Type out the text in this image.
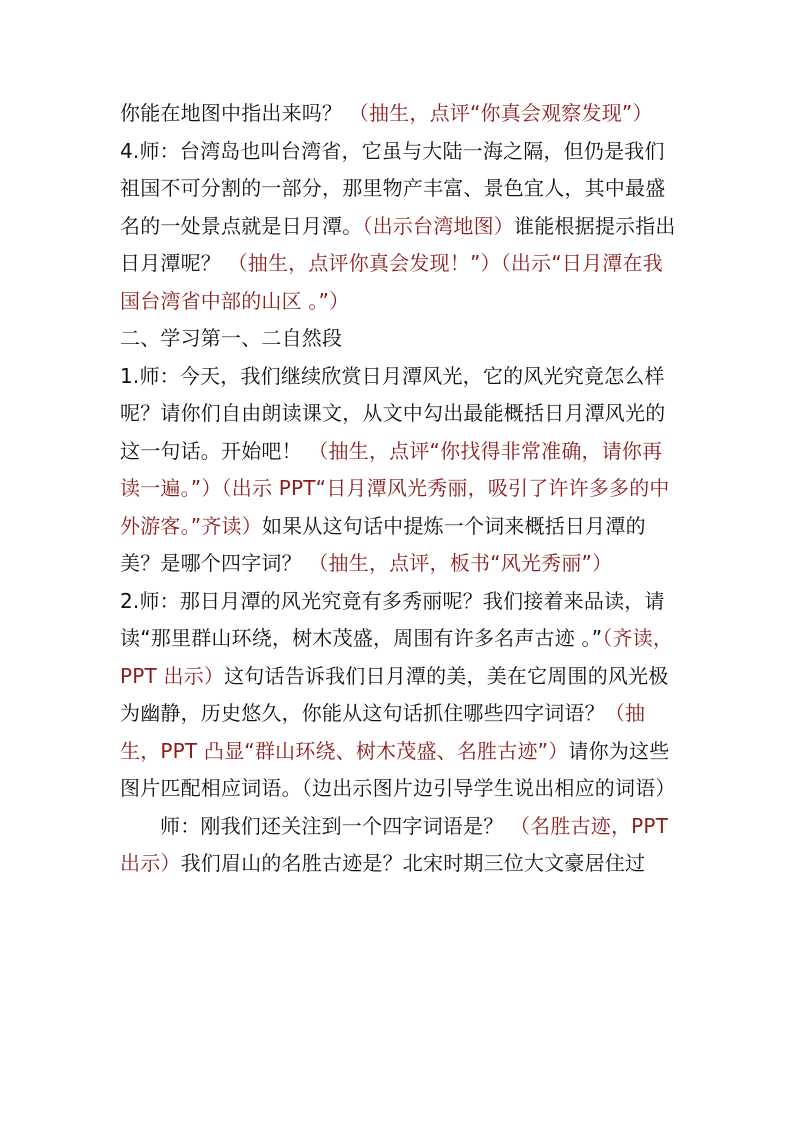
你能在地图中指出来吗？ （抽生，点评“你真会观察发现”）

4.师：台湾岛也叫台湾省，它虽与大陆一海之隔，但仍是我们祖国不可分割的一部分，那里物产丰富、景色宜人，其中最盛名的一处景点就是日月潭。（出示台湾地图）谁能根据提示指出日月潭呢？ （抽生，点评你真会发现！”）（出示“日月潭在我国台湾省中部的山区 。”）

二、学习第一、二自然段

1.师：今天，我们继续欣赏日月潭风光，它的风光究竟怎么样呢？请你们自由朗读课文，从文中勾出最能概括日月潭风光的这一句话。开始吧！ （抽生，点评“你找得非常准确，请你再读一遍。”）（出示 PPT“日月潭风光秀丽，吸引了许许多多的中外游客。”齐读）如果从这句话中提炼一个词来概括日月潭的美？是哪个四字词？ （抽生，点评，板书“风光秀丽”）

2.师：那日月潭的风光究竟有多秀丽呢？我们接着来品读，请读“那里群山环绕，树木茂盛，周围有许多名声古迹 。”（齐读，PPT 出示）这句话告诉我们日月潭的美，美在它周围的风光极为幽静，历史悠久，你能从这句话抓住哪些四字词语？（抽生，PPT 凸显“群山环绕、树木茂盛、名胜古迹”）请你为这些图片匹配相应词语。（边出示图片边引导学生说出相应的词语）

师：刚我们还关注到一个四字词语是？ （名胜古迹，PPT 出示）我们眉山的名胜古迹是？北宋时期三位大文豪居住过
